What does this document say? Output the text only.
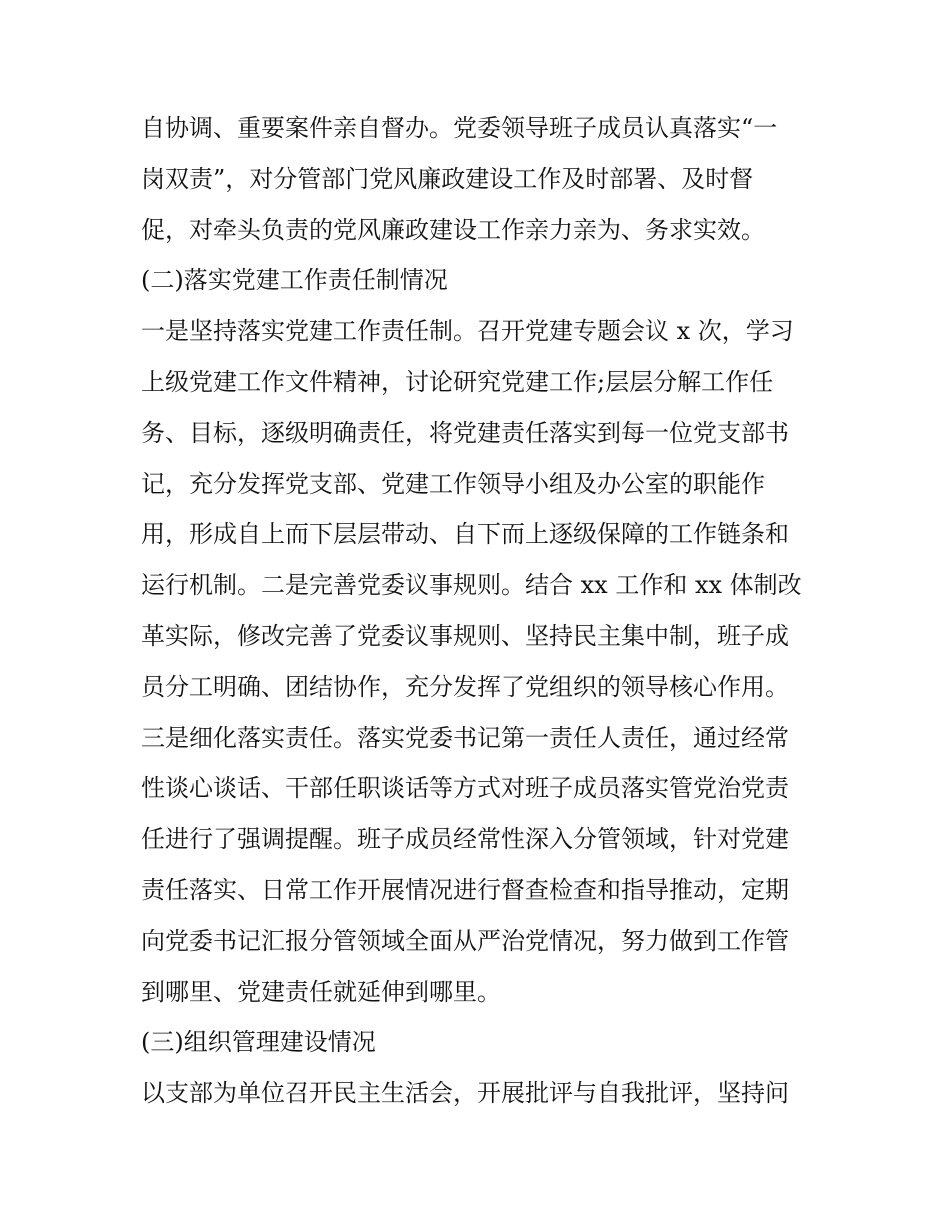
自协调、重要案件亲自督办。党委领导班子成员认真落实“一
岗双责”，对分管部门党风廉政建设工作及时部署、及时督
促，对牵头负责的党风廉政建设工作亲力亲为、务求实效。
(二)落实党建工作责任制情况
一是坚持落实党建工作责任制。召开党建专题会议 x 次，学习
上级党建工作文件精神，讨论研究党建工作;层层分解工作任
务、目标，逐级明确责任，将党建责任落实到每一位党支部书
记，充分发挥党支部、党建工作领导小组及办公室的职能作
用，形成自上而下层层带动、自下而上逐级保障的工作链条和
运行机制。二是完善党委议事规则。结合 xx 工作和 xx 体制改
革实际，修改完善了党委议事规则、坚持民主集中制，班子成
员分工明确、团结协作，充分发挥了党组织的领导核心作用。
三是细化落实责任。落实党委书记第一责任人责任，通过经常
性谈心谈话、干部任职谈话等方式对班子成员落实管党治党责
任进行了强调提醒。班子成员经常性深入分管领域，针对党建
责任落实、日常工作开展情况进行督查检查和指导推动，定期
向党委书记汇报分管领域全面从严治党情况，努力做到工作管
到哪里、党建责任就延伸到哪里。
(三)组织管理建设情况
以支部为单位召开民主生活会，开展批评与自我批评，坚持问
